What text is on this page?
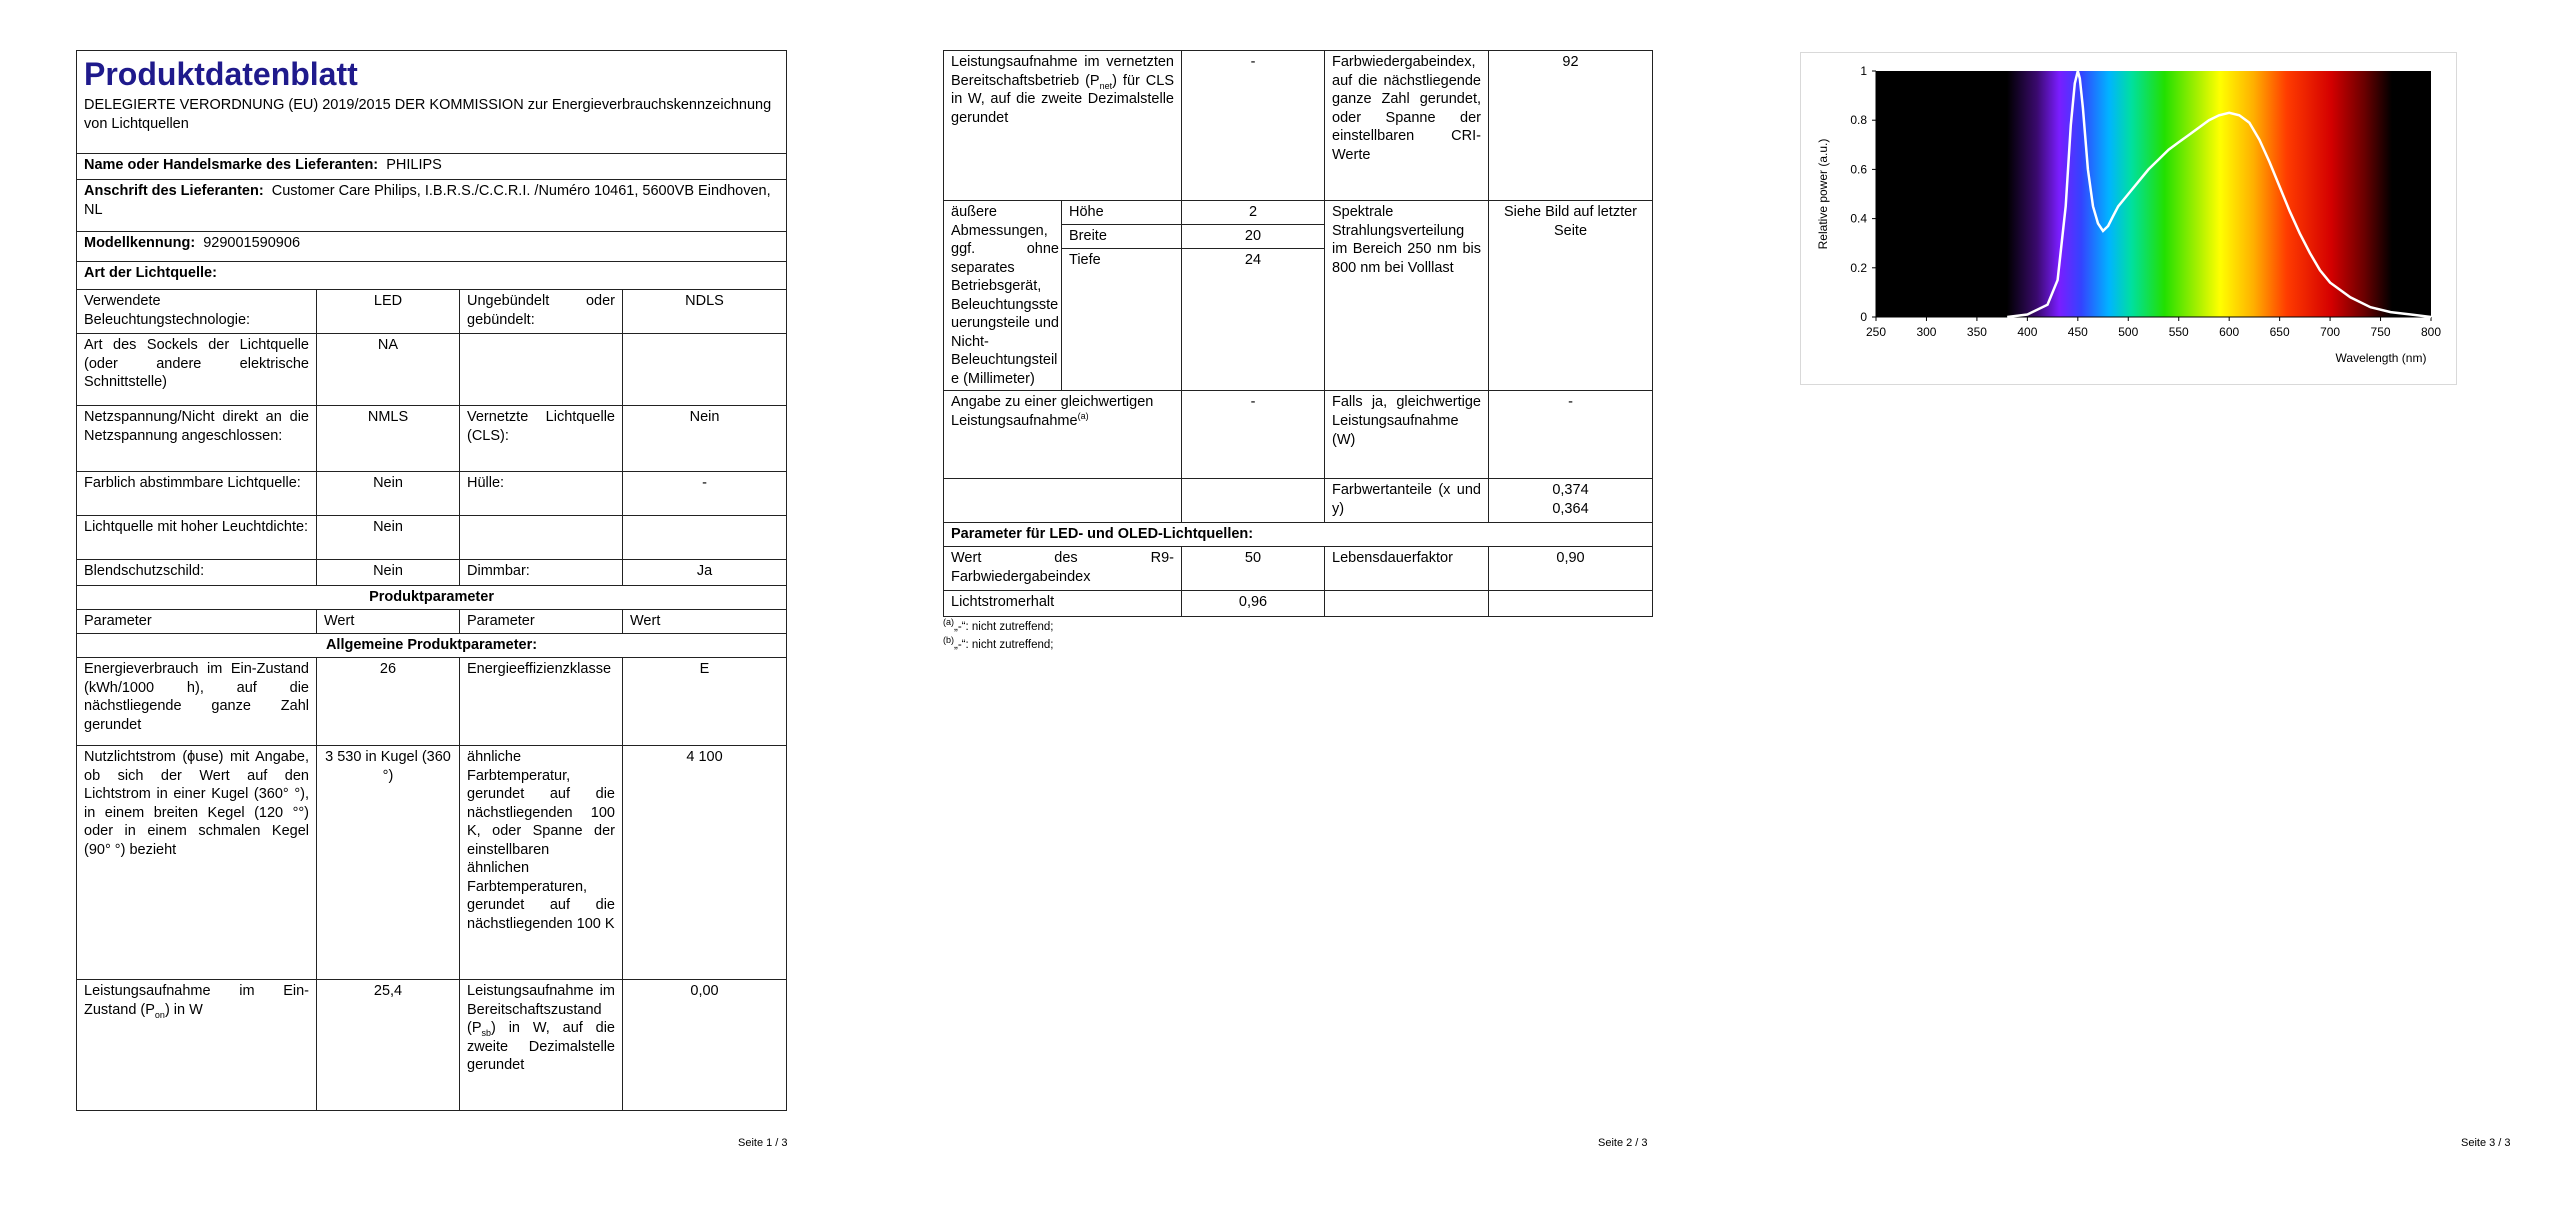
Produktdatenblatt
DELEGIERTE VERORDNUNG (EU) 2019/2015 DER KOMMISSION zur Energieverbrauchskennzeichnung von Lichtquellen			

Name oder Handelsmarke des Lieferanten: PHILIPS			
Anschrift des Lieferanten: Customer Care Philips, I.B.R.S./C.C.R.I. /Numéro 10461, 5600VB Eindhoven, NL			
Modellkennung: 929001590906			
Art der Lichtquelle:			
Verwendete Beleuchtungstechnologie:	LED	Ungebündelt oder gebündelt:	NDLS
Art des Sockels der Lichtquelle (oder andere elektrische Schnittstelle)	NA		
Netzspannung/Nicht direkt an die Netzspannung angeschlossen:	NMLS	Vernetzte Lichtquelle (CLS):	Nein
Farblich abstimmbare Lichtquelle:	Nein	Hülle:	-
Lichtquelle mit hoher Leuchtdichte:	Nein		
Blendschutzschild:	Nein	Dimmbar:	Ja
Produktparameter			
Parameter	Wert	Parameter	Wert
Allgemeine Produktparameter:			
Energieverbrauch im Ein-Zustand (kWh/1000 h), auf die nächstliegende ganze Zahl gerundet	26	Energieeffizienzklasse	E
Nutzlichtstrom (ϕuse) mit Angabe, ob sich der Wert auf den Lichtstrom in einer Kugel (360° °), in einem breiten Kegel (120 °°) oder in einem schmalen Kegel (90° °) bezieht	3 530 in Kugel (360 °)	ähnliche Farbtemperatur, gerundet auf die nächstliegenden 100 K, oder Spanne der einstellbaren ähnlichen Farbtemperaturen, gerundet auf die nächstliegenden 100 K	4 100
Leistungsaufnahme im Ein-Zustand $(P_{on})$ in W	25,4	Leistungsaufnahme im Bereitschaftszustand $(P_{sb})$ in W, auf die zweite Dezimalstelle gerundet	0,00
Seite 1 / 3
Leistungsaufnahme im vernetzten Bereitschaftsbetrieb $(P_{net})$ für CLS in W, auf die zweite Dezimalstelle gerundet		-	Farbwiedergabeindex, auf die nächstliegende ganze Zahl gerundet, oder Spanne der einstellbaren CRI-Werte	92
äußere Abmessungen, ggf. ohne separates Betriebsgerät, Beleuchtungssteuerungsteile und Nicht-Beleuchtungsteile (Millimeter)	Höhe	2	Spektrale Strahlungsverteilung im Bereich 250 nm bis 800 nm bei Volllast	Siehe Bild auf letzter Seite
	Breite	20		
	Tiefe	24		
Angabe zu einer gleichwertigen Leistungsaufnahme$^{(a)}$		-	Falls ja, gleichwertige Leistungsaufnahme (W)	-
			Farbwertanteile (x und y)	0,374
0,364

Parameter für LED- und OLED-Lichtquellen:				
Wert des R9-Farbwiedergabeindex		50	Lebensdauerfaktor	0,90
Lichtstromerhalt		0,96		
$^{(a)}$„-“: nicht zutreffend;
$^{(b)}$„-“: nicht zutreffend;
Seite 2 / 3	Seite 3 / 3
250	300	350	400	450	500	550	600	650	700	750	800
0
0.2
0.4
0.6
0.8
1
Relative power (a.u.)
Wavelength (nm)
